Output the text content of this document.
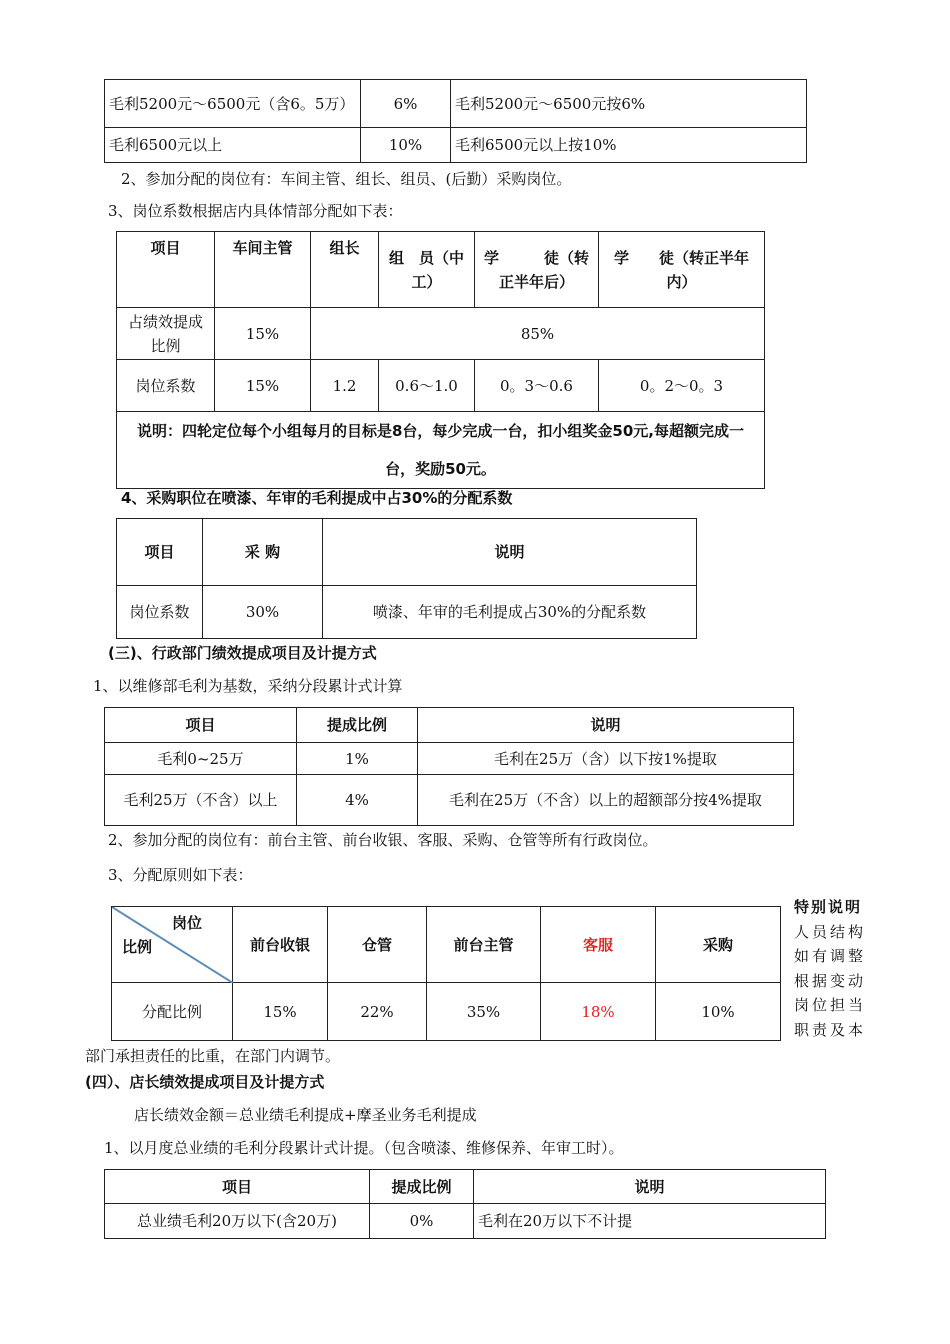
毛利5200元～6500元（含6。5万）	6%	毛利5200元～6500元按6%
毛利6500元以上	10%	毛利6500元以上按10%
2、参加分配的岗位有：车间主管、组长、组员、(后勤）采购岗位。
3、岗位系数根据店内具体情部分配如下表：
项目	车间主管	组长	组　员（中工）	学　　　徒（转正半年后）	学　　徒（转正半年内）
占绩效提成比例	15%	85%			
岗位系数	15%	1.2	0.6～1.0	0。3～0.6	0。2～0。3
说明：四轮定位每个小组每月的目标是8台，每少完成一台，扣小组奖金50元,每超额完成一台，奖励50元。					
4、采购职位在喷漆、年审的毛利提成中占30%的分配系数
项目	采 购	说明
岗位系数	30%	喷漆、年审的毛利提成占30%的分配系数
(三)、行政部门绩效提成项目及计提方式
1、以维修部毛利为基数，采纳分段累计式计算
项目	提成比例	说明
毛利0~25万	1%	毛利在25万（含）以下按1%提取
毛利25万（不含）以上	4%	毛利在25万（不含）以上的超额部分按4%提取
2、参加分配的岗位有：前台主管、前台收银、客服、采购、仓管等所有行政岗位。
3、分配原则如下表：
岗位
比例	前台收银	仓管	前台主管	客服	采购
分配比例	15%	22%	35%	18%	10%
特别说明
人员结构
如有调整
根据变动
岗位担当
职责及本
部门承担责任的比重，在部门内调节。
(四）、店长绩效提成项目及计提方式
店长绩效金额＝总业绩毛利提成+摩圣业务毛利提成
1、以月度总业绩的毛利分段累计式计提。（包含喷漆、维修保养、年审工时）。
项目	提成比例	说明
总业绩毛利20万以下(含20万)	0%	毛利在20万以下不计提
